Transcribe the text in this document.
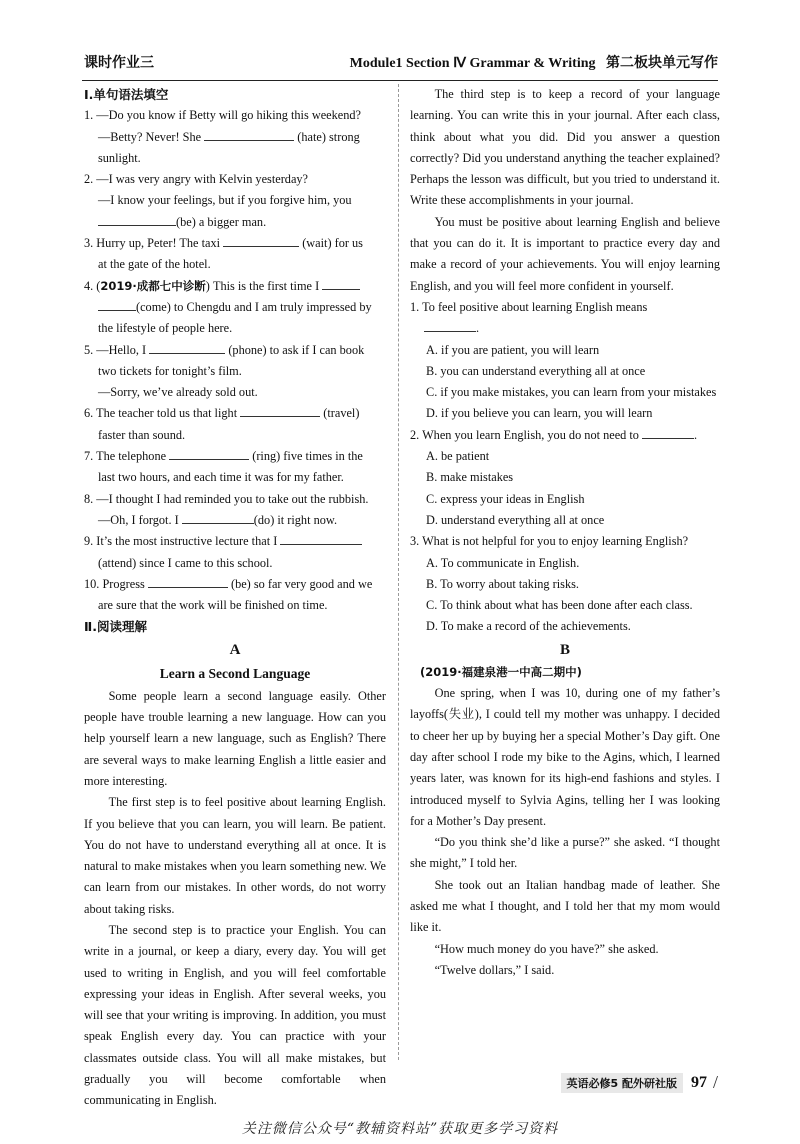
课时作业三	Module1 Section Ⅳ Grammar & Writing 第二板块单元写作
Ⅰ.单句语法填空
1. —Do you know if Betty will go hiking this weekend?
—Betty? Never! She	(hate) strong
sunlight.
2. —I was very angry with Kelvin yesterday?
—I know your feelings, but if you forgive him, you
(be) a bigger man.
3. Hurry up, Peter! The taxi	(wait) for us
at the gate of the hotel.
4. (2019·成都七中诊断) This is the first time I
(come) to Chengdu and I am truly impressed by
the lifestyle of people here.
5. —Hello, I	(phone) to ask if I can book
two tickets for tonight’s film.
—Sorry, we’ve already sold out.
6. The teacher told us that light	(travel)
faster than sound.
7. The telephone	(ring) five times in the
last two hours, and each time it was for my father.
8. —I thought I had reminded you to take out the rubbish.
—Oh, I forgot. I	(do) it right now.
9. It’s the most instructive lecture that I
(attend) since I came to this school.
10. Progress	(be) so far very good and we
are sure that the work will be finished on time.
Ⅱ.阅读理解
A
Learn a Second Language
Some people learn a second language easily. Other people have trouble learning a new language. How can you help yourself learn a new language, such as English? There are several ways to make learning English a little easier and more interesting.
The first step is to feel positive about learning English. If you believe that you can learn, you will learn. Be patient. You do not have to understand everything all at once. It is natural to make mistakes when you learn something new. We can learn from our mistakes. In other words, do not worry about taking risks.
The second step is to practice your English. You can write in a journal, or keep a diary, every day. You will get used to writing in English, and you will feel comfortable expressing your ideas in English. After several weeks, you will see that your writing is improving. In addition, you must speak English every day. You can practice with your classmates outside class. You will all make mistakes, but gradually you will become comfortable when communicating in English.
The third step is to keep a record of your language learning. You can write this in your journal. After each class, think about what you did. Did you answer a question correctly? Did you understand anything the teacher explained? Perhaps the lesson was difficult, but you tried to understand it. Write these accomplishments in your journal.
You must be positive about learning English and believe that you can do it. It is important to practice every day and make a record of your achievements. You will enjoy learning English, and you will feel more confident in yourself.
1. To feel positive about learning English means
.
A. if you are patient, you will learn
B. you can understand everything all at once
C. if you make mistakes, you can learn from your mistakes
D. if you believe you can learn, you will learn
2. When you learn English, you do not need to	.
A. be patient
B. make mistakes
C. express your ideas in English
D. understand everything all at once
3. What is not helpful for you to enjoy learning English?
A. To communicate in English.
B. To worry about taking risks.
C. To think about what has been done after each class.
D. To make a record of the achievements.
B
(2019·福建泉港一中高二期中)
One spring, when I was 10, during one of my father’s layoffs(失业), I could tell my mother was unhappy. I decided to cheer her up by buying her a special Mother’s Day gift. One day after school I rode my bike to the Agins, which, I learned years later, was known for its high-end fashions and styles. I introduced myself to Sylvia Agins, telling her I was looking for a Mother’s Day present.
“Do you think she’d like a purse?” she asked. “I thought she might,” I told her.
She took out an Italian handbag made of leather. She asked me what I thought, and I told her that my mom would like it.
“How much money do you have?” she asked.
“Twelve dollars,” I said.
英语必修5 配外研社版 97 /
关注微信公众号“教辅资料站”获取更多学习资料
